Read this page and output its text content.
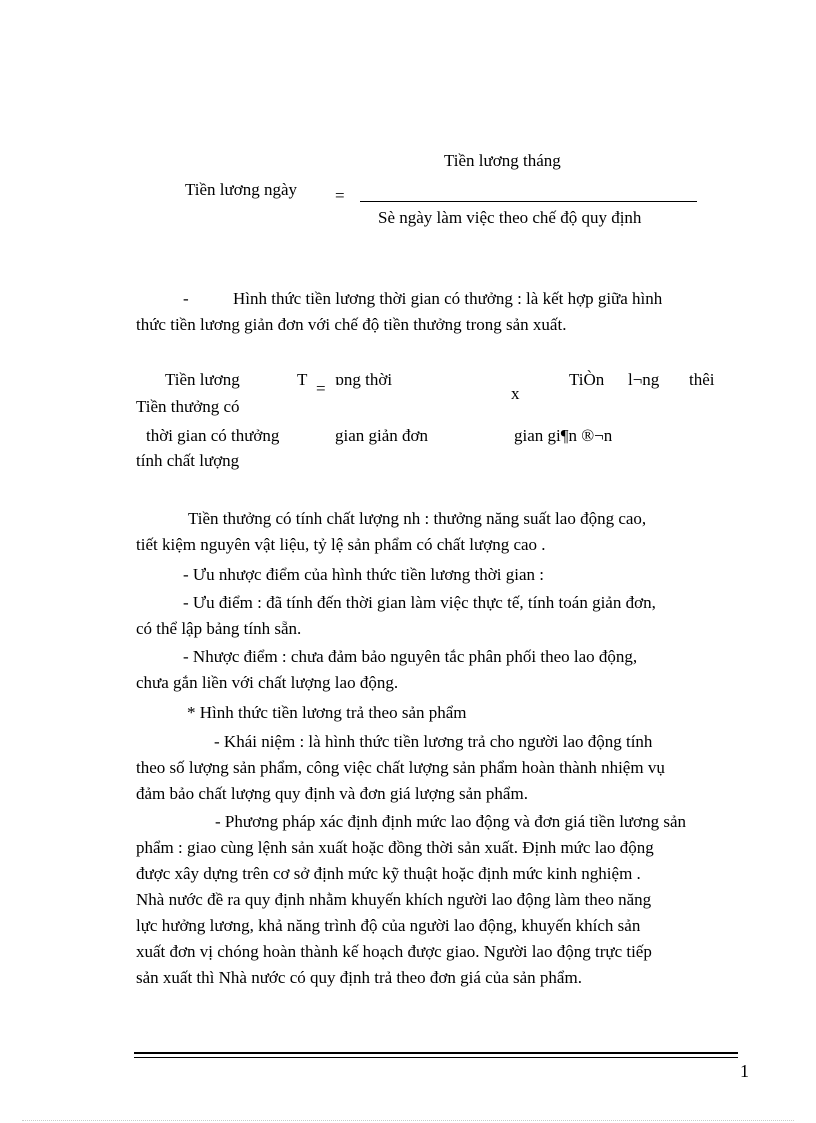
Tiền lương tháng
Tiền lương ngày =
Sè ngày làm việc theo chế độ quy định
-	Hình thức tiền lương thời gian có thưởng : là kết hợp giữa hình
thức tiền lương giản đơn với chế độ tiền thưởng trong sản xuất.
Tiền lương
thời gian có thưởng
T = ɒng thời
gian giản đơn
x
TiÒn l¬ng thêi
gian gi¶n ®¬n
Tiền thưởng có
tính chất lượng
Tiền thưởng có tính chất lượng nh : thưởng năng suất lao động cao,
tiết kiệm nguyên vật liệu, tỷ lệ sản phẩm có chất lượng cao .
- Ưu nhược điểm của hình thức tiền lương thời gian :
- Ưu điểm : đã tính đến thời gian làm việc thực tế, tính toán giản đơn,
có thể lập bảng tính sẵn.
- Nhược điểm : chưa đảm bảo nguyên tắc phân phối theo lao động,
chưa gắn liền với chất lượng lao động.
* Hình thức tiền lương trả theo sản phẩm
- Khái niệm : là hình thức tiền lương trả cho người lao động tính
theo số lượng sản phẩm, công việc chất lượng sản phẩm hoàn thành nhiệm vụ
đảm bảo chất lượng quy định và đơn giá lượng sản phẩm.
- Phương pháp xác định định mức lao động và đơn giá tiền lương sản
phẩm : giao cùng lệnh sản xuất hoặc đồng thời sản xuất. Định mức lao động
được xây dựng trên cơ sở định mức kỹ thuật hoặc định mức kinh nghiệm .
Nhà nước đề ra quy định nhằm khuyến khích người lao động làm theo năng
lực hưởng lương, khả năng trình độ của người lao động, khuyến khích sản
xuất đơn vị chóng hoàn thành kế hoạch được giao. Người lao động trực tiếp
sản xuất thì Nhà nước có quy định trả theo đơn giá của sản phẩm.
1
